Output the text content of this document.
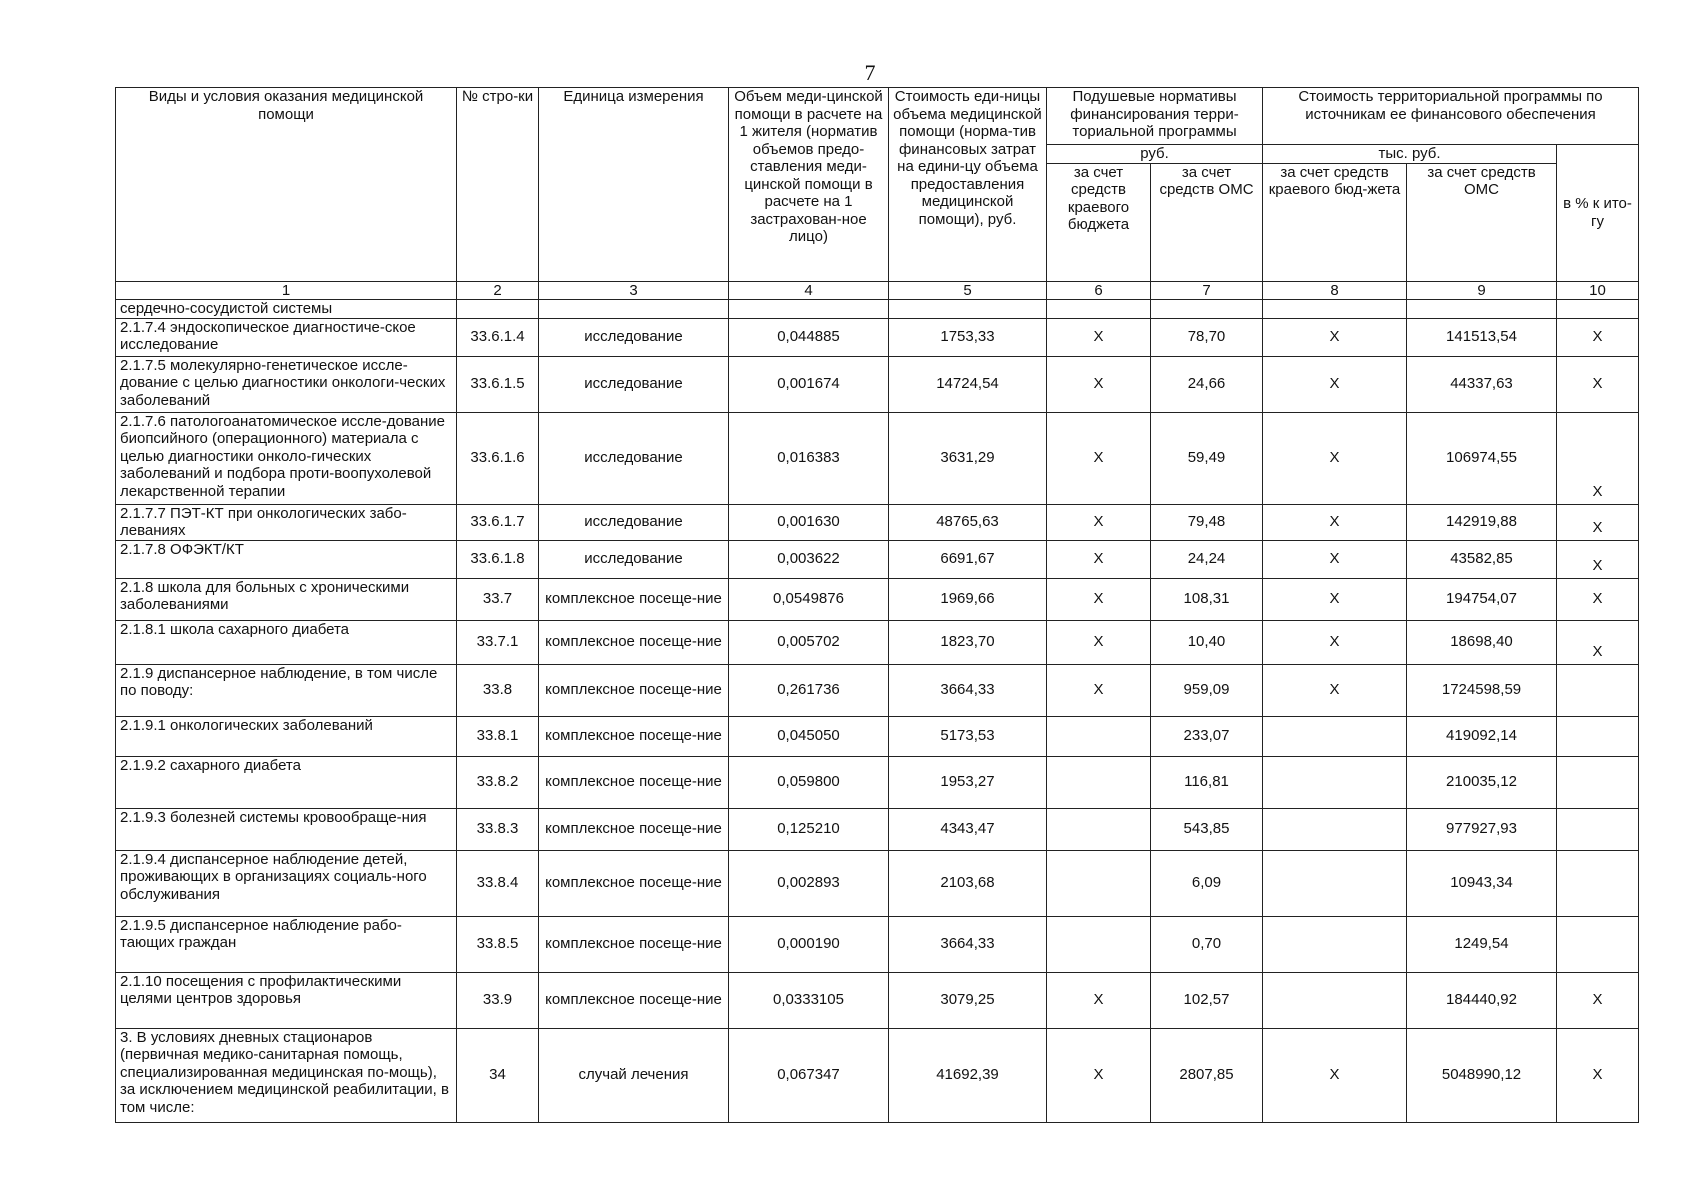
7
Виды и условия оказания медицинской помощи	№ стро-ки	Единица измерения	Объем меди-цинской помощи в расчете на 1 жителя (норматив объемов предо-ставления меди-цинской помощи в расчете на 1 застрахован-ное лицо)	Стоимость еди-ницы объема медицинской помощи (норма-тив финансовых затрат на едини-цу объема предоставления медицинской помощи), руб.	Подушевые нормативы финансирования терри-ториальной программы		Стоимость территориальной программы по источникам ее финансового обеспечения		
					руб.		тыс. руб.		в % к ито-гу
					за счет средств краевого бюджета	за счет средств ОМС	за счет средств краевого бюд-жета	за счет средств ОМС	
1	2	3	4	5	6	7	8	9	10
сердечно-сосудистой системы									
2.1.7.4 эндоскопическое диагностиче-ское исследование	33.6.1.4	исследование	0,044885	1753,33	X	78,70	X	141513,54	X
2.1.7.5 молекулярно-генетическое иссле-дование с целью диагностики онкологи-ческих заболеваний	33.6.1.5	исследование	0,001674	14724,54	X	24,66	X	44337,63	X
2.1.7.6 патологоанатомическое иссле-дование биопсийного (операционного) материала с целью диагностики онколо-гических заболеваний и подбора проти-воопухолевой лекарственной терапии	33.6.1.6	исследование	0,016383	3631,29	X	59,49	X	106974,55	X
2.1.7.7 ПЭТ-КТ при онкологических забо-леваниях	33.6.1.7	исследование	0,001630	48765,63	X	79,48	X	142919,88	X
2.1.7.8 ОФЭКТ/КТ	33.6.1.8	исследование	0,003622	6691,67	X	24,24	X	43582,85	X
2.1.8 школа для больных с хроническими заболеваниями	33.7	комплексное посеще-ние	0,0549876	1969,66	X	108,31	X	194754,07	X
2.1.8.1 школа сахарного диабета	33.7.1	комплексное посеще-ние	0,005702	1823,70	X	10,40	X	18698,40	X
2.1.9 диспансерное наблюдение, в том числе по поводу:	33.8	комплексное посеще-ние	0,261736	3664,33	X	959,09	X	1724598,59	
2.1.9.1 онкологических заболеваний	33.8.1	комплексное посеще-ние	0,045050	5173,53		233,07		419092,14	
2.1.9.2 сахарного диабета	33.8.2	комплексное посеще-ние	0,059800	1953,27		116,81		210035,12	
2.1.9.3 болезней системы кровообраще-ния	33.8.3	комплексное посеще-ние	0,125210	4343,47		543,85		977927,93	
2.1.9.4 диспансерное наблюдение детей, проживающих в организациях социаль-ного обслуживания	33.8.4	комплексное посеще-ние	0,002893	2103,68		6,09		10943,34	
2.1.9.5 диспансерное наблюдение рабо-тающих граждан	33.8.5	комплексное посеще-ние	0,000190	3664,33		0,70		1249,54	
2.1.10 посещения с профилактическими целями центров здоровья	33.9	комплексное посеще-ние	0,0333105	3079,25	X	102,57		184440,92	X
3. В условиях дневных стационаров (первичная медико-санитарная помощь, специализированная медицинская по-мощь), за исключением медицинской реабилитации, в том числе:	34	случай лечения	0,067347	41692,39	X	2807,85	X	5048990,12	X
